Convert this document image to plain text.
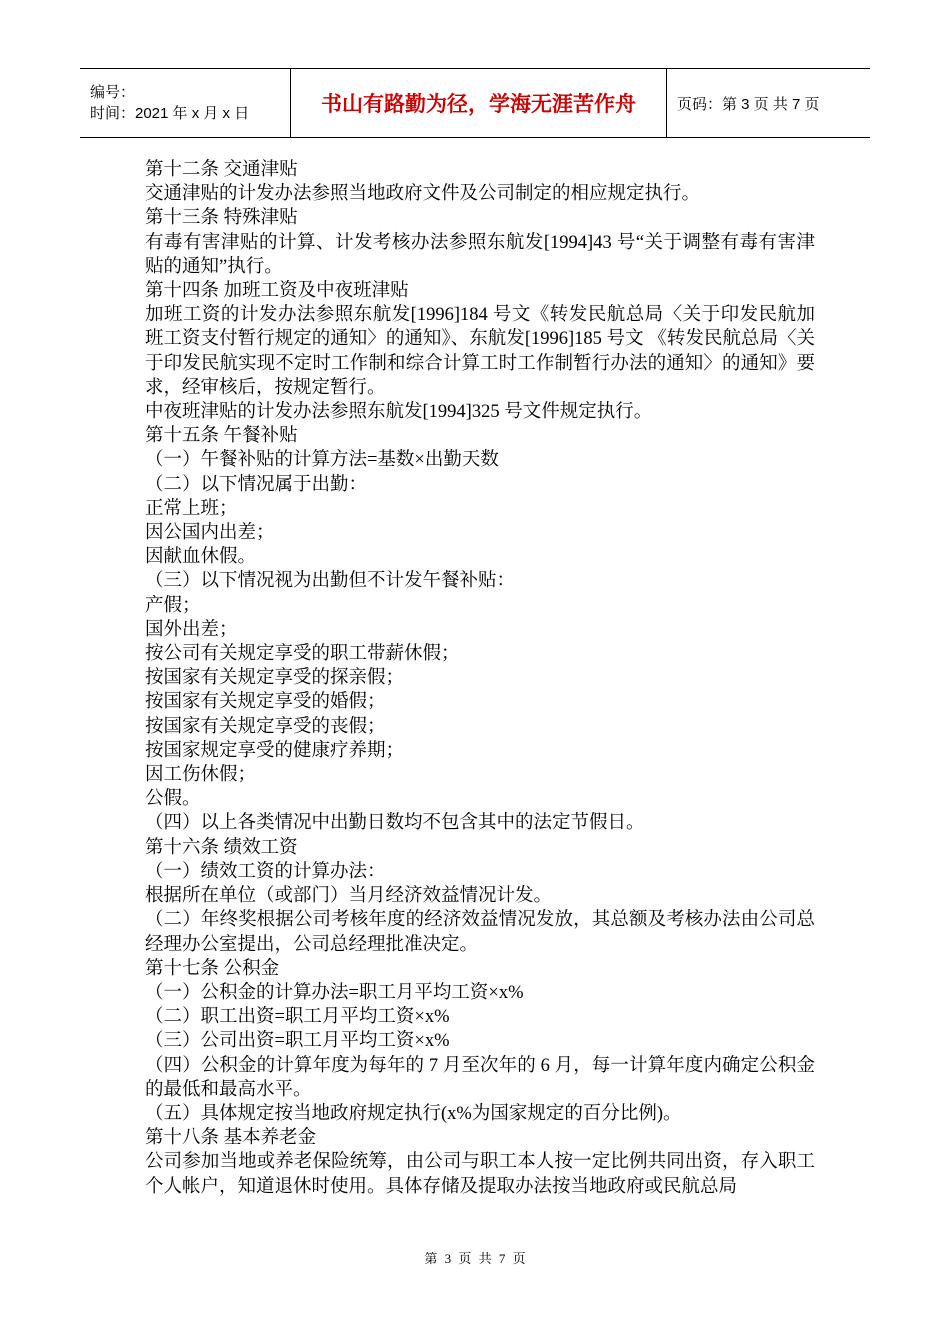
编号：
时间：2021 年 x 月 x 日	书山有路勤为径，学海无涯苦作舟	页码：第 3 页 共 7 页

第十二条 交通津贴

交通津贴的计发办法参照当地政府文件及公司制定的相应规定执行。

第十三条 特殊津贴

有毒有害津贴的计算、计发考核办法参照东航发[1994]43 号“关于调整有毒有害津贴的通知”执行。

第十四条 加班工资及中夜班津贴

加班工资的计发办法参照东航发[1996]184 号文《转发民航总局〈关于印发民航加班工资支付暂行规定的通知〉的通知》、东航发[1996]185 号文 《转发民航总局〈关于印发民航实现不定时工作制和综合计算工时工作制暂行办法的通知〉的通知》要求，经审核后，按规定暂行。

中夜班津贴的计发办法参照东航发[1994]325 号文件规定执行。

第十五条 午餐补贴

（一）午餐补贴的计算方法=基数×出勤天数

（二）以下情况属于出勤：

正常上班；

因公国内出差；

因献血休假。

（三）以下情况视为出勤但不计发午餐补贴：

产假；

国外出差；

按公司有关规定享受的职工带薪休假；

按国家有关规定享受的探亲假；

按国家有关规定享受的婚假；

按国家有关规定享受的丧假；

按国家规定享受的健康疗养期；

因工伤休假；

公假。

（四）以上各类情况中出勤日数均不包含其中的法定节假日。

第十六条 绩效工资

（一）绩效工资的计算办法：

根据所在单位（或部门）当月经济效益情况计发。

（二）年终奖根据公司考核年度的经济效益情况发放，其总额及考核办法由公司总经理办公室提出，公司总经理批准决定。

第十七条 公积金

（一）公积金的计算办法=职工月平均工资×x%

（二）职工出资=职工月平均工资×x%

（三）公司出资=职工月平均工资×x%

（四）公积金的计算年度为每年的 7 月至次年的 6 月，每一计算年度内确定公积金的最低和最高水平。

（五）具体规定按当地政府规定执行(x%为国家规定的百分比例)。

第十八条 基本养老金

公司参加当地或养老保险统筹，由公司与职工本人按一定比例共同出资，存入职工个人帐户，知道退休时使用。具体存储及提取办法按当地政府或民航总局

第 3 页 共 7 页
